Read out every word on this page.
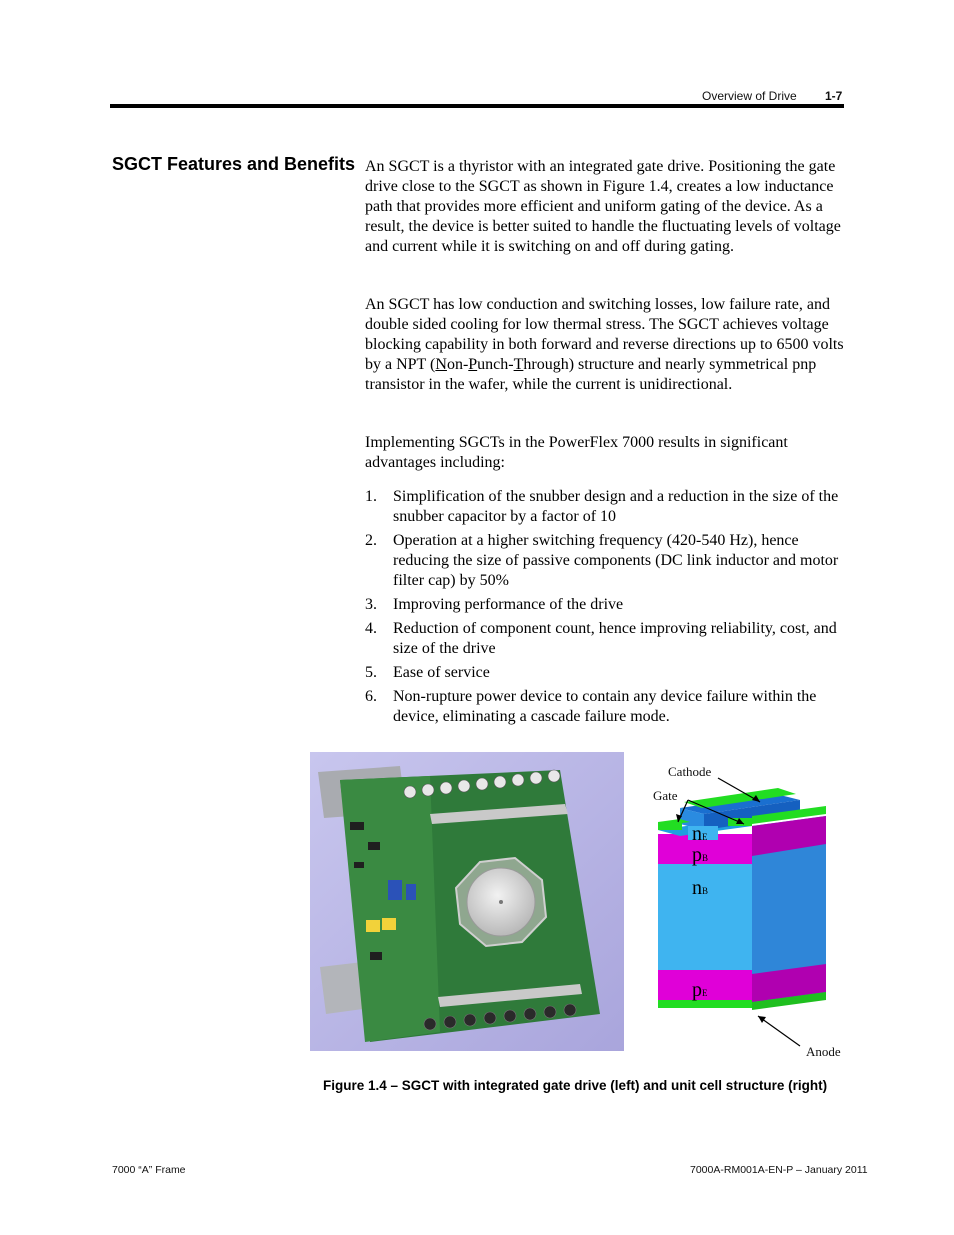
Overview of Drive 1-7
SGCT Features and Benefits An SGCT is a thyristor with an integrated gate drive. Positioning the gate drive close to the SGCT as shown in Figure 1.4, creates a low inductance path that provides more efficient and uniform gating of the device. As a result, the device is better suited to handle the fluctuating levels of voltage and current while it is switching on and off during gating.

An SGCT has low conduction and switching losses, low failure rate, and double sided cooling for low thermal stress. The SGCT achieves voltage blocking capability in both forward and reverse directions up to 6500 volts by a NPT (Non-Punch-Through) structure and nearly symmetrical pnp transistor in the wafer, while the current is unidirectional.

Implementing SGCTs in the PowerFlex 7000 results in significant advantages including:

1. Simplification of the snubber design and a reduction in the size of the snubber capacitor by a factor of 10
2. Operation at a higher switching frequency (420-540 Hz), hence reducing the size of passive components (DC link inductor and motor filter cap) by 50%
3. Improving performance of the drive
4. Reduction of component count, hence improving reliability, cost, and size of the drive
5. Ease of service
6. Non-rupture power device to contain any device failure within the device, eliminating a cascade failure mode.
Cathode
Gate
Anode
nE
pB
nB
pE
Figure 1.4 – SGCT with integrated gate drive (left) and unit cell structure (right)
7000 “A” Frame	7000A-RM001A-EN-P – January 2011
